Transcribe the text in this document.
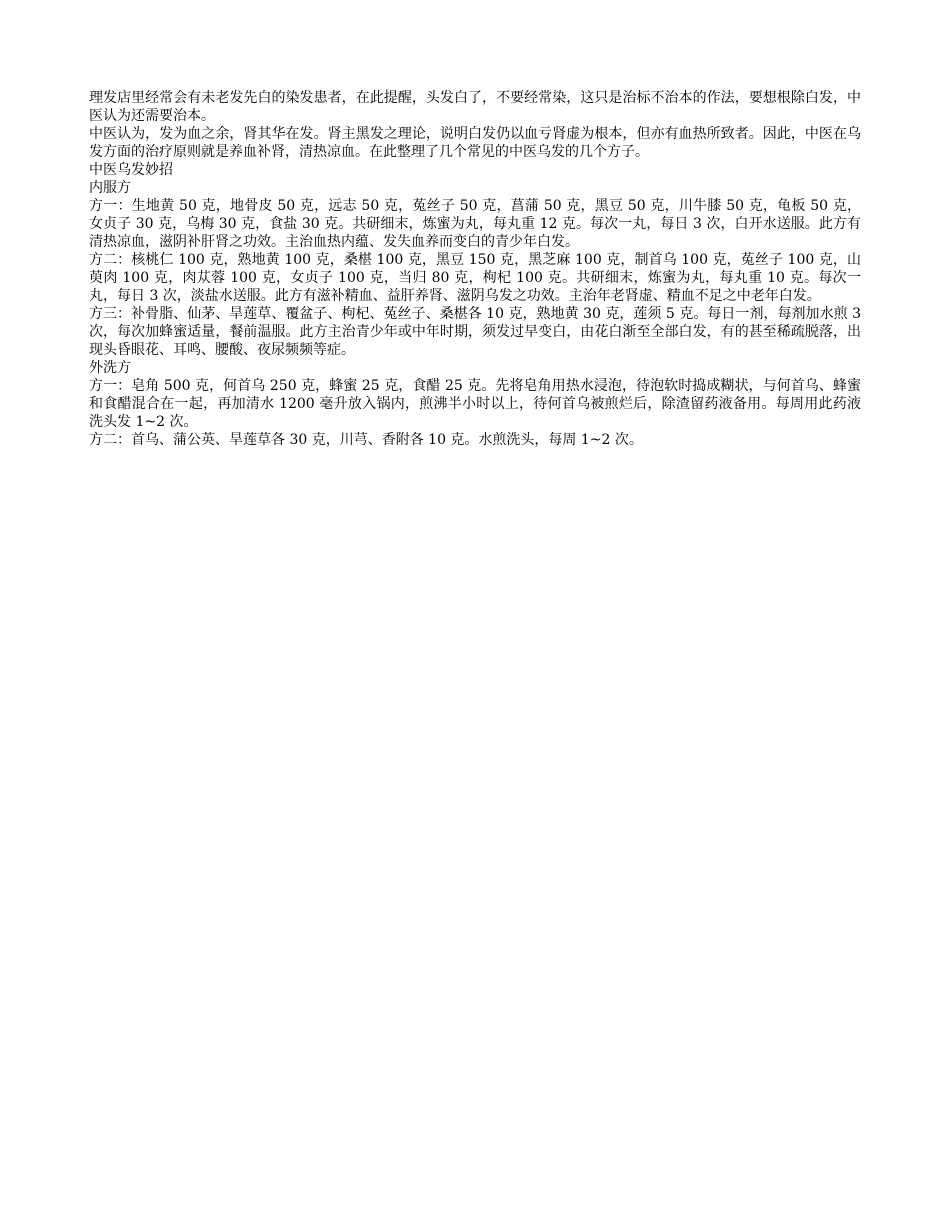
理发店里经常会有未老发先白的染发患者，在此提醒，头发白了，不要经常染，这只是治标不治本的作法，要想根除白发，中医认为还需要治本。

中医认为，发为血之余，肾其华在发。肾主黑发之理论，说明白发仍以血亏肾虚为根本，但亦有血热所致者。因此，中医在乌发方面的治疗原则就是养血补肾，清热凉血。在此整理了几个常见的中医乌发的几个方子。

中医乌发妙招

内服方

方一：生地黄 50 克，地骨皮 50 克，远志 50 克，菟丝子 50 克，菖蒲 50 克，黑豆 50 克，川牛膝 50 克，龟板 50 克，女贞子 30 克，乌梅 30 克，食盐 30 克。共研细末，炼蜜为丸，每丸重 12 克。每次一丸，每日 3 次，白开水送服。此方有清热凉血，滋阴补肝肾之功效。主治血热内蕴、发失血养而变白的青少年白发。

方二：核桃仁 100 克，熟地黄 100 克，桑椹 100 克，黑豆 150 克，黑芝麻 100 克，制首乌 100 克，菟丝子 100 克，山萸肉 100 克，肉苁蓉 100 克，女贞子 100 克，当归 80 克，枸杞 100 克。共研细末，炼蜜为丸，每丸重 10 克。每次一丸，每日 3 次，淡盐水送服。此方有滋补精血、益肝养肾、滋阴乌发之功效。主治年老肾虚、精血不足之中老年白发。

方三：补骨脂、仙茅、旱莲草、覆盆子、枸杞、菟丝子、桑椹各 10 克，熟地黄 30 克，莲须 5 克。每日一剂，每剂加水煎 3 次，每次加蜂蜜适量，餐前温服。此方主治青少年或中年时期，须发过早变白，由花白渐至全部白发，有的甚至稀疏脱落，出现头昏眼花、耳鸣、腰酸、夜尿频频等症。

外洗方

方一：皂角 500 克，何首乌 250 克，蜂蜜 25 克，食醋 25 克。先将皂角用热水浸泡，待泡软时捣成糊状，与何首乌、蜂蜜和食醋混合在一起，再加清水 1200 毫升放入锅内，煎沸半小时以上，待何首乌被煎烂后，除渣留药液备用。每周用此药液洗头发 1~2 次。

方二：首乌、蒲公英、旱莲草各 30 克，川芎、香附各 10 克。水煎洗头，每周 1~2 次。
